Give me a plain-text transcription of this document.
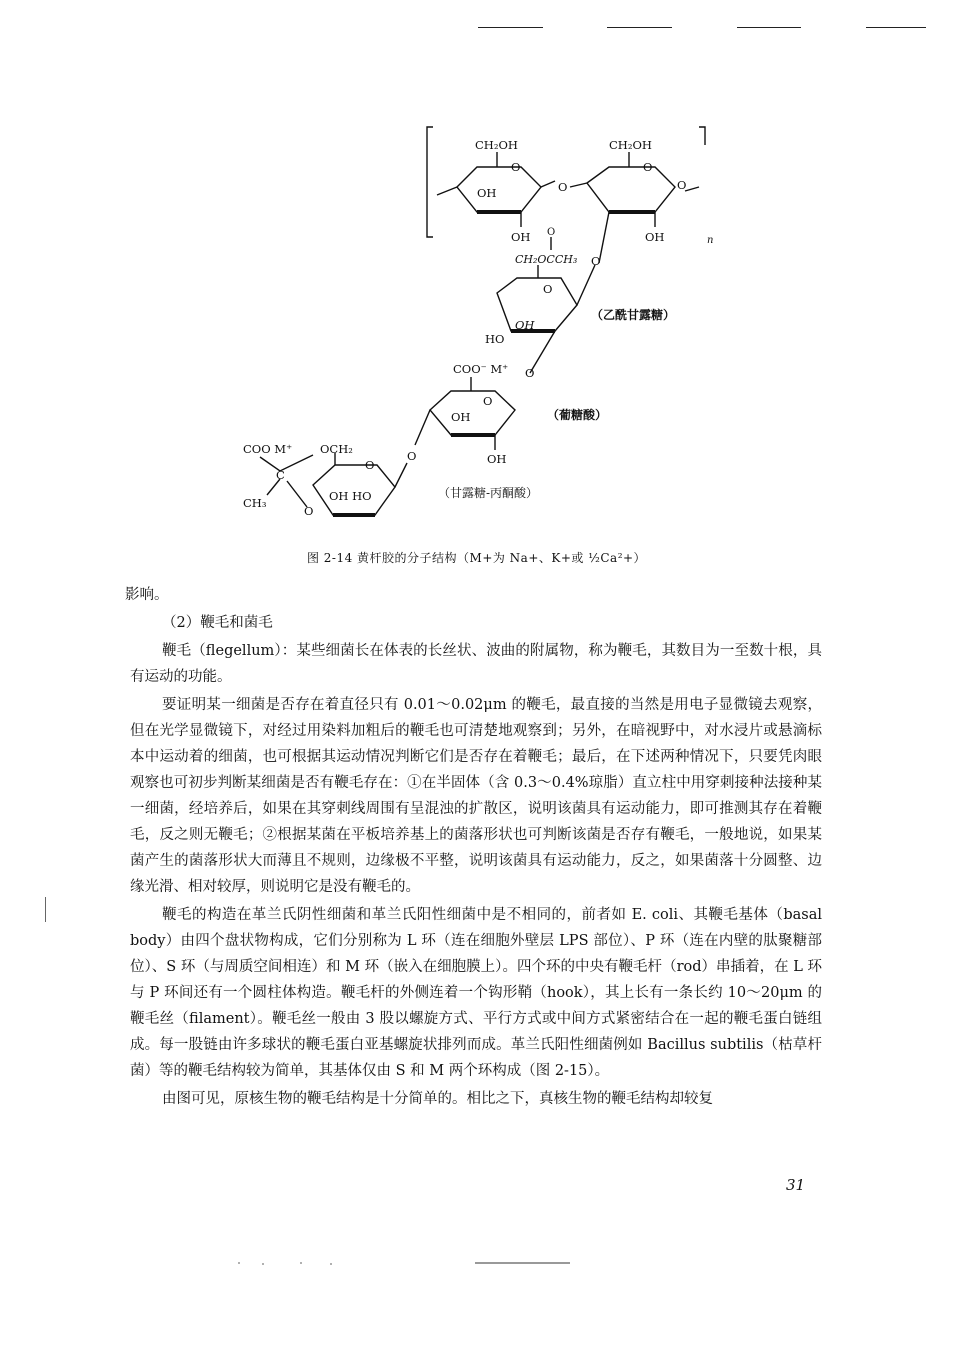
CH₂OH	CH₂OH
O	O
OH
OH	OH
O	O
n
O
CH₂OCCH₃
O
O
OH
HO
（乙酰甘露糖）
COO⁻ M⁺
O
O
OH
OH
（葡糖酸）
COO M⁺ OCH₂
C
CH₃
O
OH HO
O
O
（甘露糖-丙酮酸）
图 2-14 黄杆胶的分子结构（M+为 Na+、K+或 ½Ca²+）

影响。

（2）鞭毛和菌毛

鞭毛（flegellum）：某些细菌长在体表的长丝状、波曲的附属物，称为鞭毛，其数目为一至数十根，具有运动的功能。

要证明某一细菌是否存在着直径只有 0.01～0.02μm 的鞭毛，最直接的当然是用电子显微镜去观察，但在光学显微镜下，对经过用染料加粗后的鞭毛也可清楚地观察到；另外，在暗视野中，对水浸片或悬滴标本中运动着的细菌，也可根据其运动情况判断它们是否存在着鞭毛；最后，在下述两种情况下，只要凭肉眼观察也可初步判断某细菌是否有鞭毛存在：①在半固体（含 0.3～0.4%琼脂）直立柱中用穿刺接种法接种某一细菌，经培养后，如果在其穿刺线周围有呈混浊的扩散区，说明该菌具有运动能力，即可推测其存在着鞭毛，反之则无鞭毛；②根据某菌在平板培养基上的菌落形状也可判断该菌是否存有鞭毛，一般地说，如果某菌产生的菌落形状大而薄且不规则，边缘极不平整，说明该菌具有运动能力，反之，如果菌落十分圆整、边缘光滑、相对较厚，则说明它是没有鞭毛的。

鞭毛的构造在革兰氏阴性细菌和革兰氏阳性细菌中是不相同的，前者如 E. coli、其鞭毛基体（basal body）由四个盘状物构成，它们分别称为 L 环（连在细胞外壁层 LPS 部位）、P 环（连在内壁的肽聚糖部位）、S 环（与周质空间相连）和 M 环（嵌入在细胞膜上）。四个环的中央有鞭毛杆（rod）串插着，在 L 环与 P 环间还有一个圆柱体构造。鞭毛杆的外侧连着一个钩形鞘（hook），其上长有一条长约 10～20μm 的鞭毛丝（filament）。鞭毛丝一般由 3 股以螺旋方式、平行方式或中间方式紧密结合在一起的鞭毛蛋白链组成。每一股链由许多球状的鞭毛蛋白亚基螺旋状排列而成。革兰氏阳性细菌例如 Bacillus subtilis（枯草杆菌）等的鞭毛结构较为简单，其基体仅由 S 和 M 两个环构成（图 2-15）。

由图可见，原核生物的鞭毛结构是十分简单的。相比之下，真核生物的鞭毛结构却较复

31
